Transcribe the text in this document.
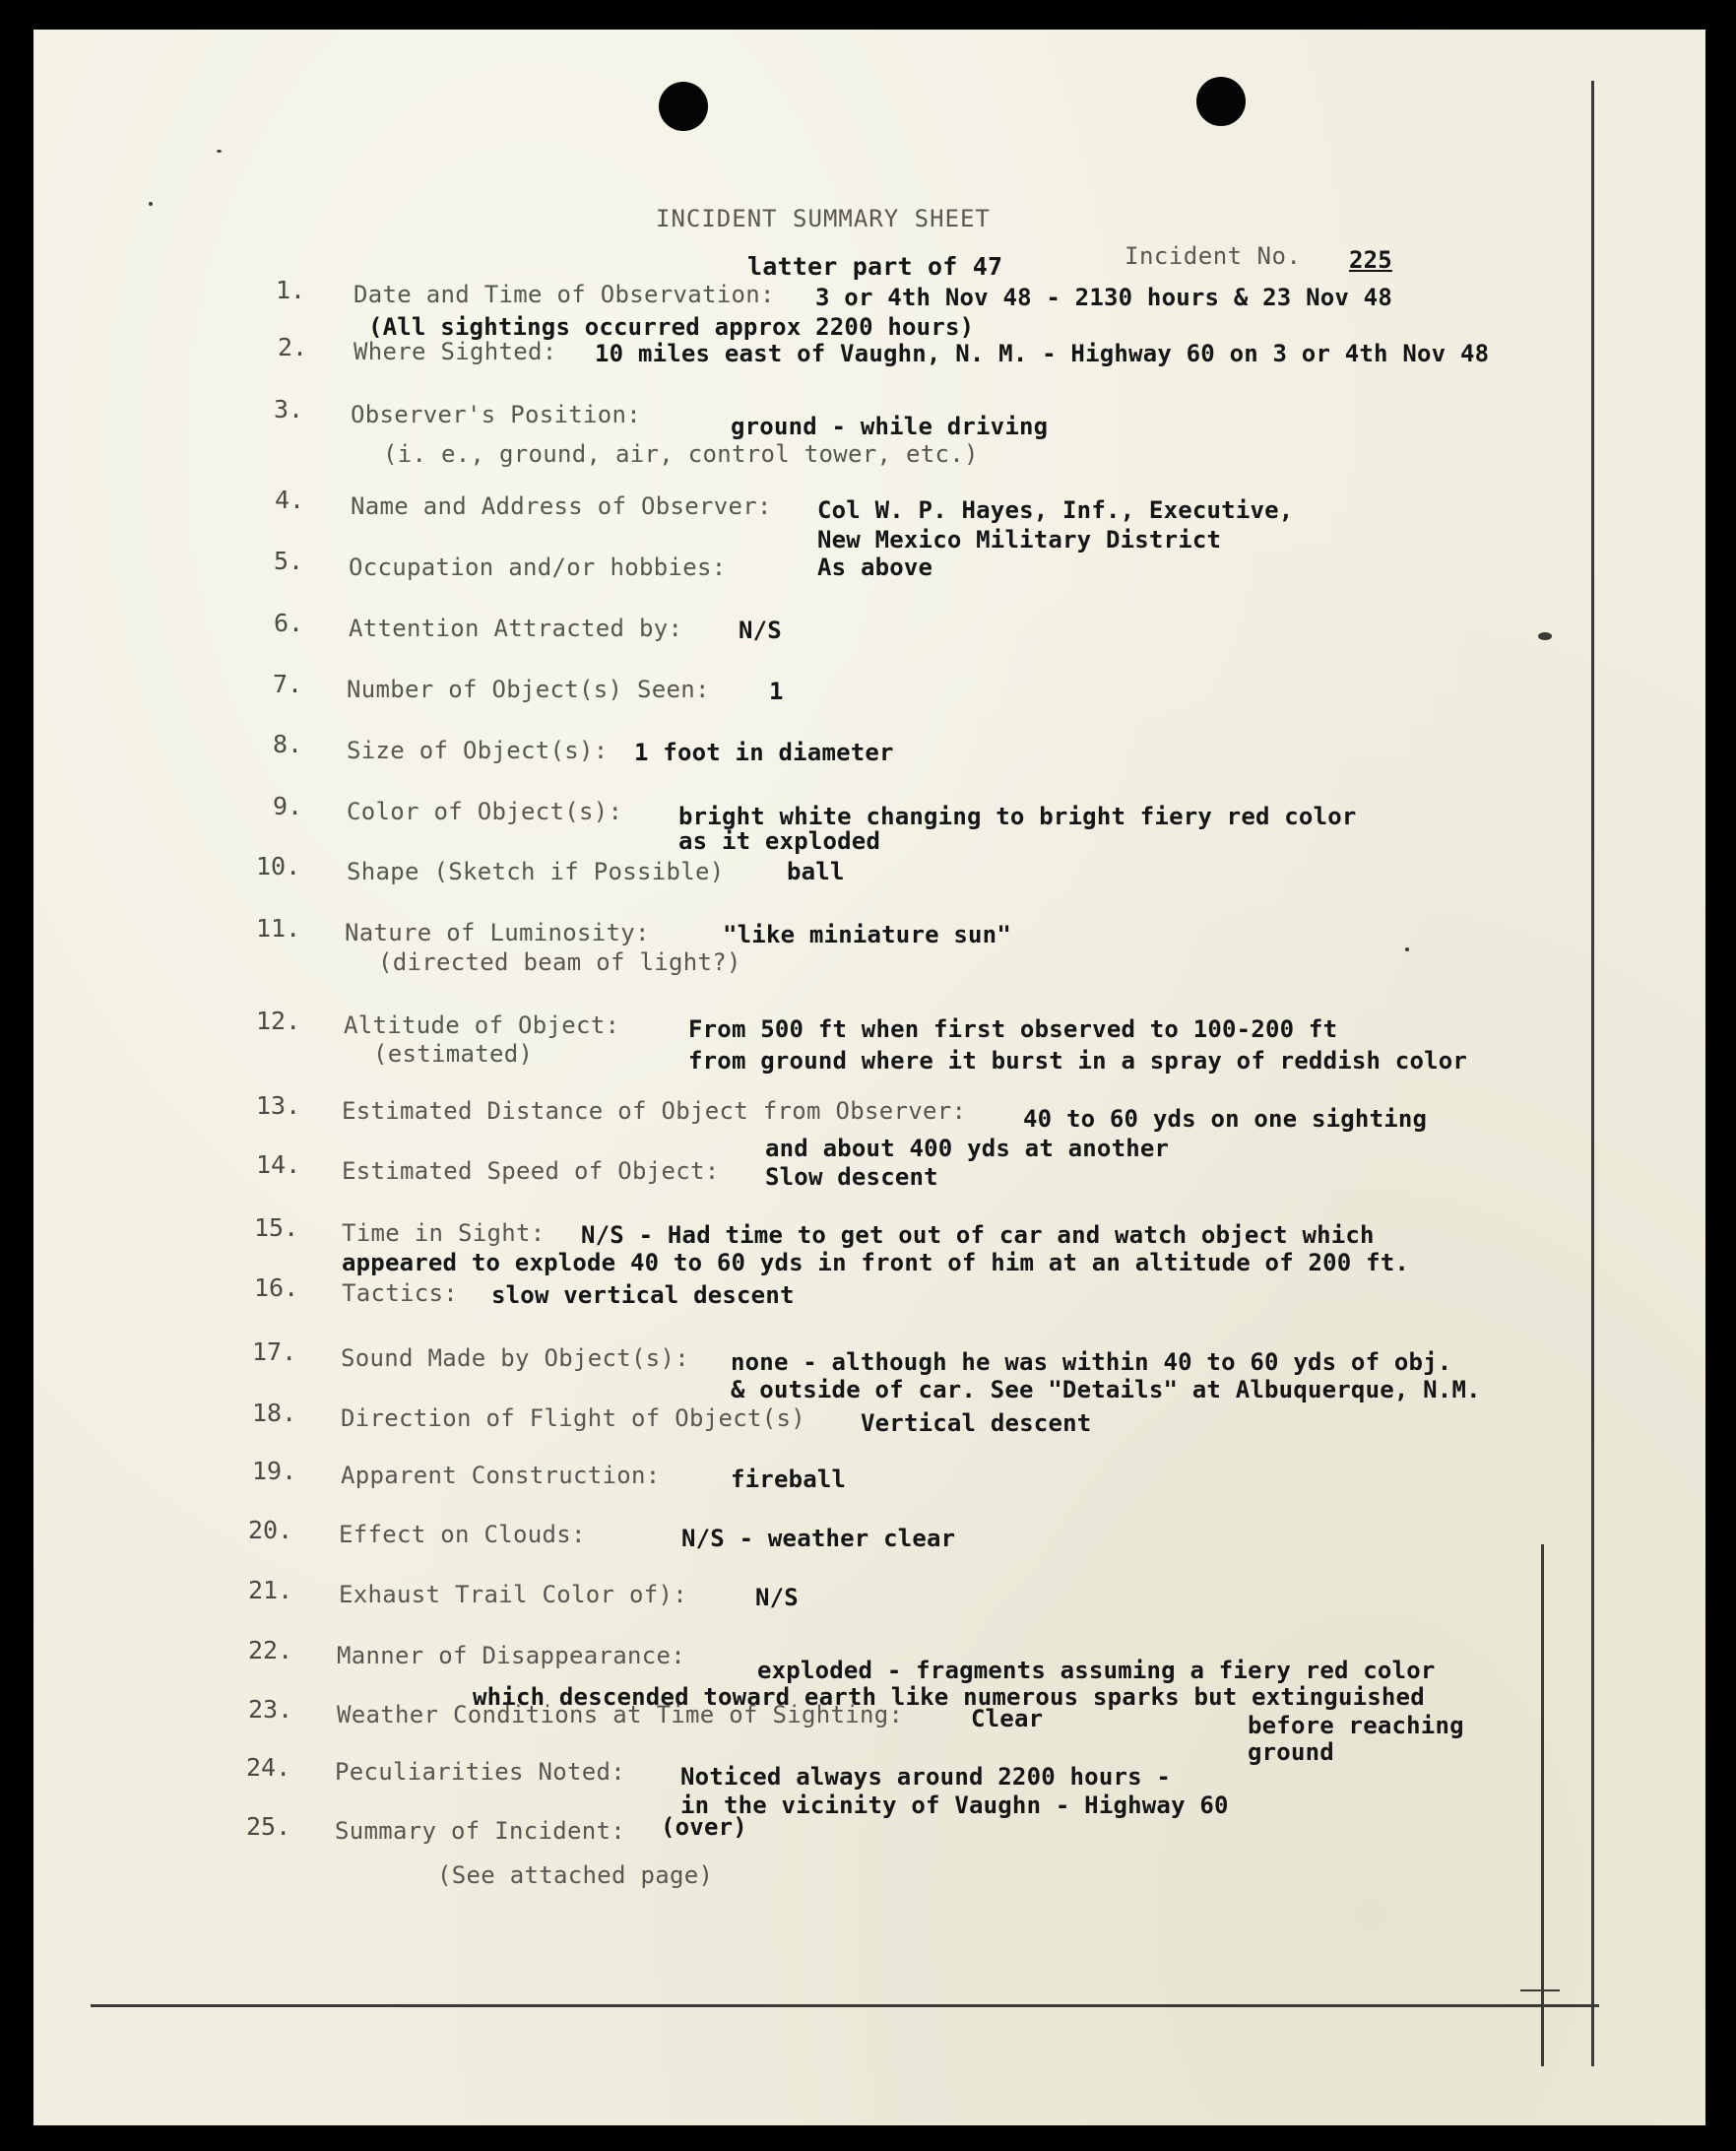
INCIDENT SUMMARY SHEET
latter part of 47	Incident No. 225
1. Date and Time of Observation: 3 or 4th Nov 48 - 2130 hours & 23 Nov 48
(All sightings occurred approx 2200 hours)
2. Where Sighted: 10 miles east of Vaughn, N. M. - Highway 60 on 3 or 4th Nov 48
3. Observer's Position:	ground - while driving
(i. e., ground, air, control tower, etc.)
4. Name and Address of Observer: Col W. P. Hayes, Inf., Executive,
New Mexico Military District
5. Occupation and/or hobbies:	As above
6. Attention Attracted by: N/S
7. Number of Object(s) Seen:	1
8. Size of Object(s): 1 foot in diameter
9. Color of Object(s): bright white changing to bright fiery red color
as it exploded
10. Shape (Sketch if Possible)	ball
11. Nature of Luminosity:	"like miniature sun"
(directed beam of light?)
12. Altitude of Object:	From 500 ft when first observed to 100-200 ft
(estimated)	from ground where it burst in a spray of reddish color
13. Estimated Distance of Object from Observer: 40 to 60 yds on one sighting
and about 400 yds at another
14. Estimated Speed of Object: Slow descent
15. Time in Sight: N/S - Had time to get out of car and watch object which
appeared to explode 40 to 60 yds in front of him at an altitude of 200 ft.
16. Tactics: slow vertical descent
17. Sound Made by Object(s): none - although he was within 40 to 60 yds of obj.
& outside of car. See "Details" at Albuquerque, N.M.
18. Direction of Flight of Object(s) Vertical descent
19. Apparent Construction:	fireball
20. Effect on Clouds:	N/S - weather clear
21. Exhaust Trail Color of):	N/S
22. Manner of Disappearance:
exploded - fragments assuming a fiery red color
which descended toward earth like numerous sparks but extinguished
before reaching
ground
23. Weather Conditions at Time of Sighting:	Clear
24. Peculiarities Noted: Noticed always around 2200 hours -
in the vicinity of Vaughn - Highway 60
25. Summary of Incident: (over)
(See attached page)
